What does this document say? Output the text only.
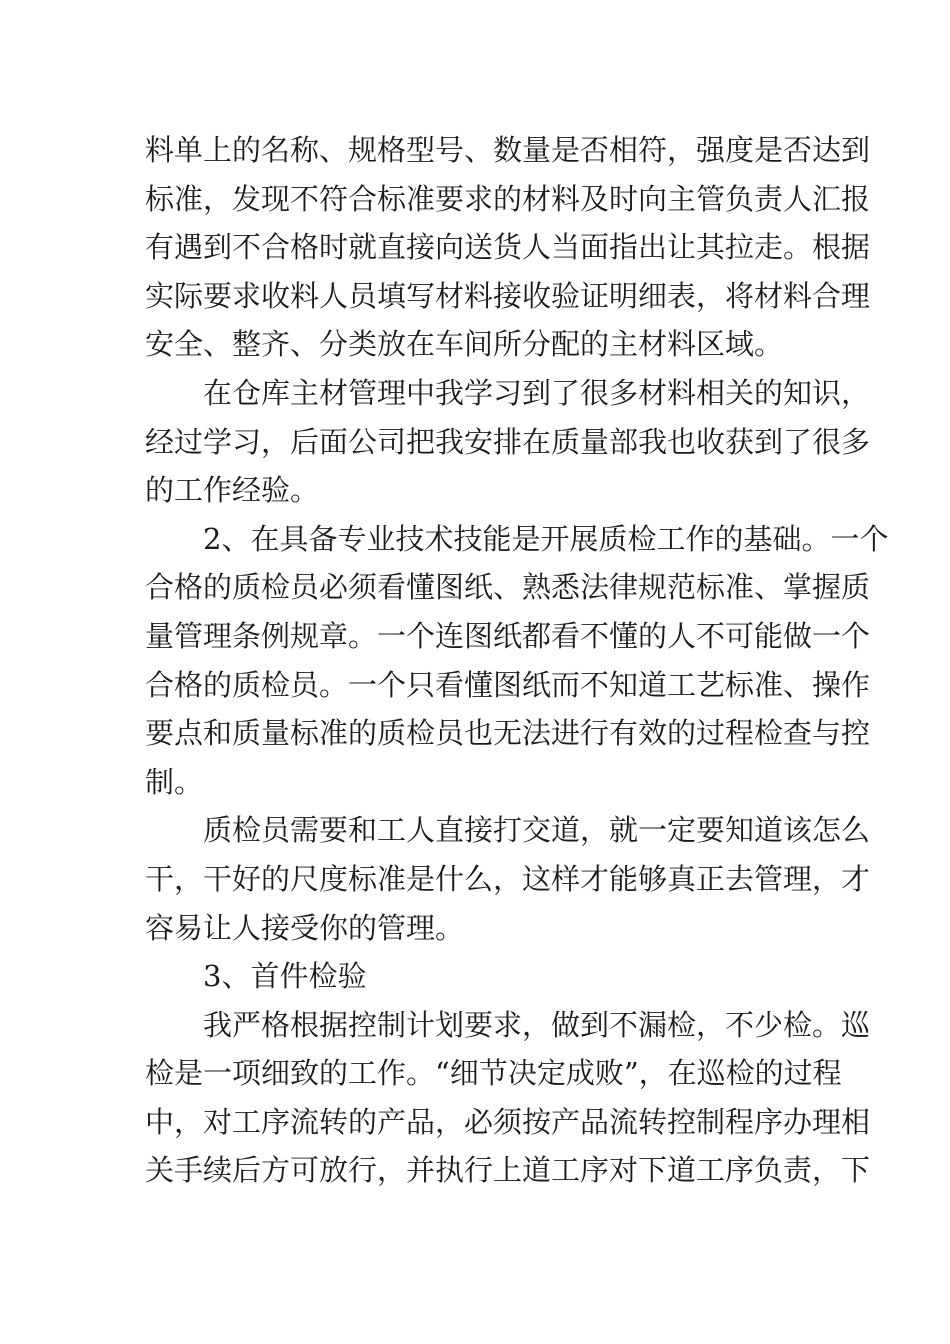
料单上的名称、规格型号、数量是否相符，强度是否达到
标准，发现不符合标准要求的材料及时向主管负责人汇报
有遇到不合格时就直接向送货人当面指出让其拉走。根据
实际要求收料人员填写材料接收验证明细表，将材料合理
安全、整齐、分类放在车间所分配的主材料区域。
　　在仓库主材管理中我学习到了很多材料相关的知识，
经过学习，后面公司把我安排在质量部我也收获到了很多
的工作经验。
　　2、在具备专业技术技能是开展质检工作的基础。一个
合格的质检员必须看懂图纸、熟悉法律规范标准、掌握质
量管理条例规章。一个连图纸都看不懂的人不可能做一个
合格的质检员。一个只看懂图纸而不知道工艺标准、操作
要点和质量标准的质检员也无法进行有效的过程检查与控
制。
　　质检员需要和工人直接打交道，就一定要知道该怎么
干，干好的尺度标准是什么，这样才能够真正去管理，才
容易让人接受你的管理。
　　3、首件检验
　　我严格根据控制计划要求，做到不漏检，不少检。巡
检是一项细致的工作。“细节决定成败”，在巡检的过程
中，对工序流转的产品，必须按产品流转控制程序办理相
关手续后方可放行，并执行上道工序对下道工序负责，下
